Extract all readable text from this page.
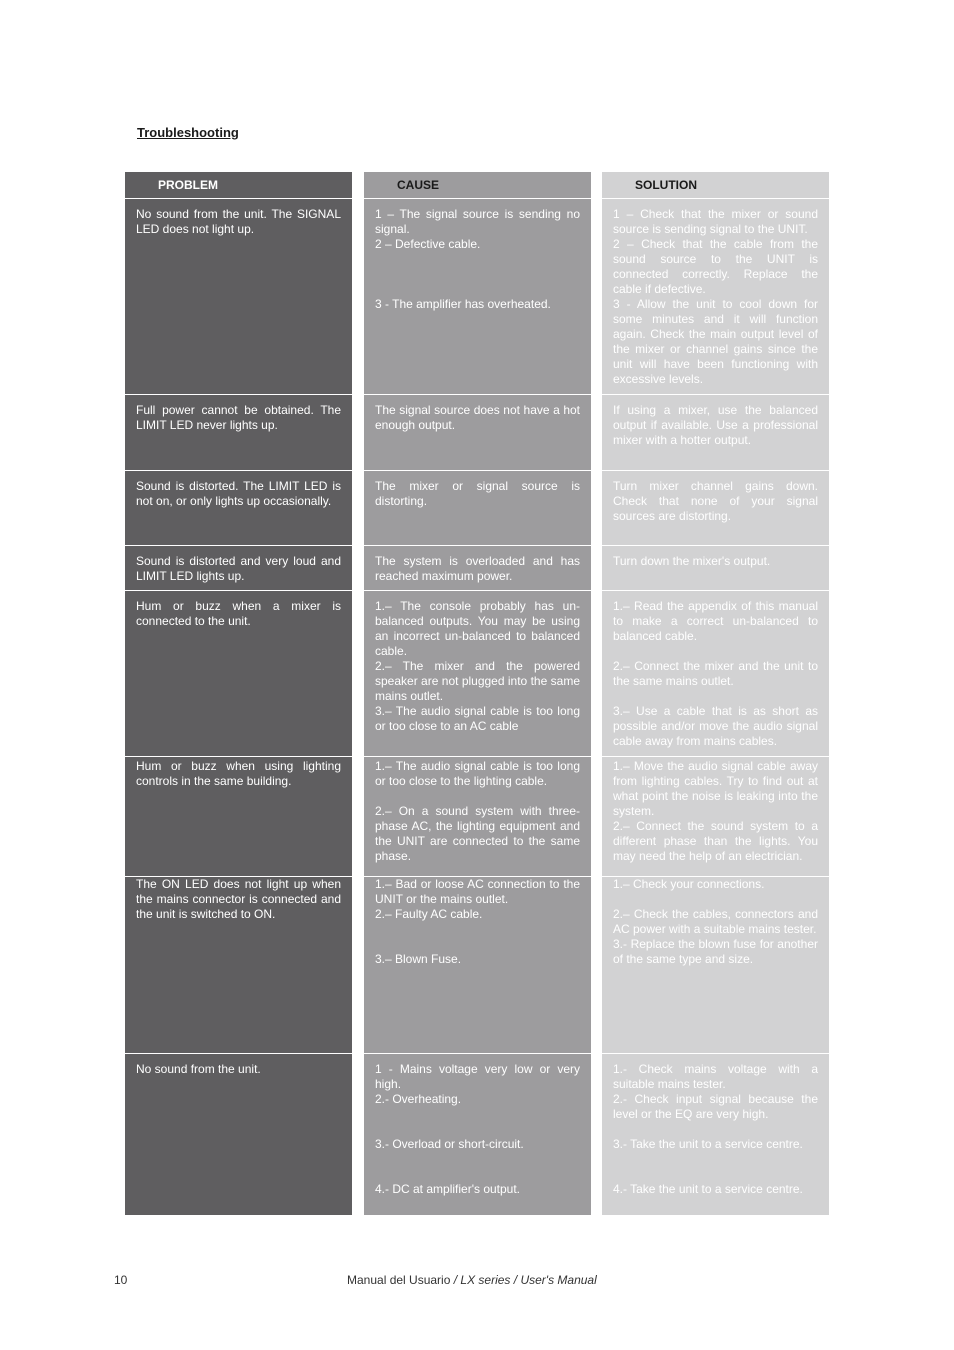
Troubleshooting
PROBLEM
No sound from the unit. The SIGNAL LED does not light up.
Full power cannot be obtained. The LIMIT LED never lights up.
Sound is distorted. The LIMIT LED is not on, or only lights up occasionally.
Sound is distorted and very loud and LIMIT LED lights up.
Hum or buzz when a mixer is connected to the unit.
Hum or buzz when using lighting controls in the same building.
The ON LED does not light up when the mains connector is connected and the unit is switched to ON.
No sound from the unit.
CAUSE
1 – The signal source is sending no signal.
2 – Defective cable.
3 - The amplifier has overheated.
The signal source does not have a hot enough output.
The mixer or signal source is distorting.
The system is overloaded and has reached maximum power.
1.– The console probably has un-balanced outputs. You may be using an incorrect un-balanced to balanced cable.
2.– The mixer and the powered speaker are not plugged into the same mains outlet.
3.– The audio signal cable is too long or too close to an AC cable
1.– The audio signal cable is too long or too close to the lighting cable.
2.– On a sound system with three-phase AC, the lighting equipment and the UNIT are connected to the same phase.
1.– Bad or loose AC connection to the UNIT or the mains outlet.
2.– Faulty AC cable.
3.– Blown Fuse.
1 - Mains voltage very low or very high.
2.- Overheating.
3.- Overload or short-circuit.
4.- DC at amplifier's output.
SOLUTION
1 – Check that the mixer or sound source is sending signal to the UNIT.
2 – Check that the cable from the sound source to the UNIT is connected correctly. Replace the cable if defective.
3 - Allow the unit to cool down for some minutes and it will function again. Check the main output level of the mixer or channel gains since the unit will have been functioning with excessive levels.
If using a mixer, use the balanced output if available. Use a professional mixer with a hotter output.
Turn mixer channel gains down. Check that none of your signal sources are distorting.
Turn down the mixer's output.
1.– Read the appendix of this manual to make a correct un-balanced to balanced cable.
2.– Connect the mixer and the unit to the same mains outlet.
3.– Use a cable that is as short as possible and/or move the audio signal cable away from mains cables.
1.– Move the audio signal cable away from lighting cables. Try to find out at what point the noise is leaking into the system.
2.– Connect the sound system to a different phase than the lights. You may need the help of an electrician.
1.– Check your connections.
2.– Check the cables, connectors and AC power with a suitable mains tester.
3.- Replace the blown fuse for another of the same type and size.
1.- Check mains voltage with a suitable mains tester.
2.- Check input signal because the level or the EQ are very high.
3.- Take the unit to a service centre.
4.- Take the unit to a service centre.
10	Manual del Usuario / LX series / User's Manual
